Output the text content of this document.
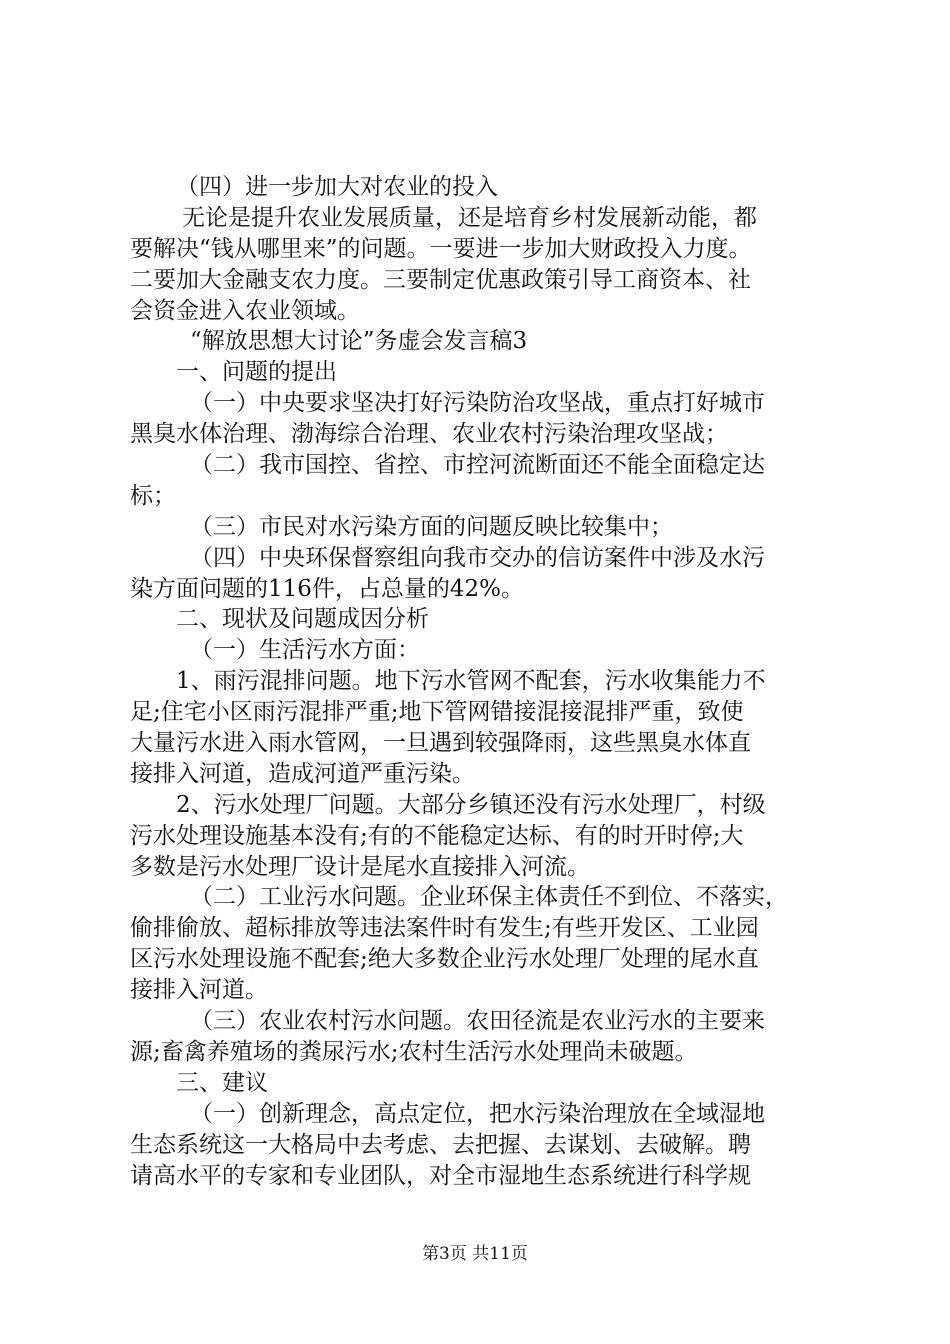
（四）进一步加大对农业的投入
无论是提升农业发展质量，还是培育乡村发展新动能，都
要解决“钱从哪里来”的问题。一要进一步加大财政投入力度。
二要加大金融支农力度。三要制定优惠政策引导工商资本、社
会资金进入农业领域。
“解放思想大讨论”务虚会发言稿3
一、问题的提出
（一）中央要求坚决打好污染防治攻坚战，重点打好城市
黑臭水体治理、渤海综合治理、农业农村污染治理攻坚战；
（二）我市国控、省控、市控河流断面还不能全面稳定达
标；
（三）市民对水污染方面的问题反映比较集中；
（四）中央环保督察组向我市交办的信访案件中涉及水污
染方面问题的116件，占总量的42%。
二、现状及问题成因分析
（一）生活污水方面：
1、雨污混排问题。地下污水管网不配套，污水收集能力不
足;住宅小区雨污混排严重;地下管网错接混接混排严重，致使
大量污水进入雨水管网，一旦遇到较强降雨，这些黑臭水体直
接排入河道，造成河道严重污染。
2、污水处理厂问题。大部分乡镇还没有污水处理厂，村级
污水处理设施基本没有;有的不能稳定达标、有的时开时停;大
多数是污水处理厂设计是尾水直接排入河流。
（二）工业污水问题。企业环保主体责任不到位、不落实，
偷排偷放、超标排放等违法案件时有发生;有些开发区、工业园
区污水处理设施不配套;绝大多数企业污水处理厂处理的尾水直
接排入河道。
（三）农业农村污水问题。农田径流是农业污水的主要来
源;畜禽养殖场的粪尿污水;农村生活污水处理尚未破题。
三、建议
（一）创新理念，高点定位，把水污染治理放在全域湿地
生态系统这一大格局中去考虑、去把握、去谋划、去破解。聘
请高水平的专家和专业团队，对全市湿地生态系统进行科学规
第3页 共11页
